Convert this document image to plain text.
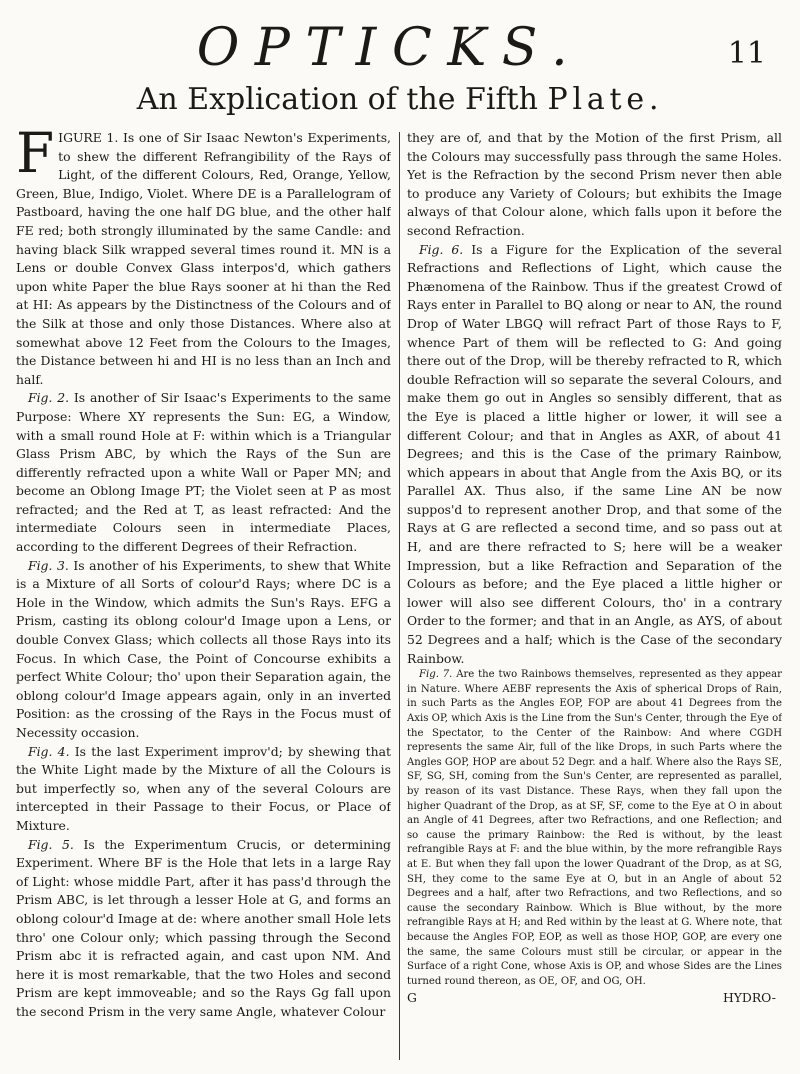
OPTICKS.	11
An Explication of the Fifth Plate.

FIGURE 1. Is one of Sir Isaac Newton's Experiments, to shew the different Refrangibility of the Rays of Light, of the different Colours, Red, Orange, Yellow, Green, Blue, Indigo, Violet. Where DE is a Parallelogram of Pastboard, having the one half DG blue, and the other half FE red; both strongly illuminated by the same Candle: and having black Silk wrapped several times round it. MN is a Lens or double Convex Glass interpos'd, which gathers upon white Paper the blue Rays sooner at hi than the Red at HI: As appears by the Distinctness of the Colours and of the Silk at those and only those Distances. Where also at somewhat above 12 Feet from the Colours to the Images, the Distance between hi and HI is no less than an Inch and half.

Fig. 2. Is another of Sir Isaac's Experiments to the same Purpose: Where XY represents the Sun: EG, a Window, with a small round Hole at F: within which is a Triangular Glass Prism ABC, by which the Rays of the Sun are differently refracted upon a white Wall or Paper MN; and become an Oblong Image PT; the Violet seen at P as most refracted; and the Red at T, as least refracted: And the intermediate Colours seen in intermediate Places, according to the different Degrees of their Refraction.

Fig. 3. Is another of his Experiments, to shew that White is a Mixture of all Sorts of colour'd Rays; where DC is a Hole in the Window, which admits the Sun's Rays. EFG a Prism, casting its oblong colour'd Image upon a Lens, or double Convex Glass; which collects all those Rays into its Focus. In which Case, the Point of Concourse exhibits a perfect White Colour; tho' upon their Separation again, the oblong colour'd Image appears again, only in an inverted Position: as the crossing of the Rays in the Focus must of Necessity occasion.

Fig. 4. Is the last Experiment improv'd; by shewing that the White Light made by the Mixture of all the Colours is but imperfectly so, when any of the several Colours are intercepted in their Passage to their Focus, or Place of Mixture.

Fig. 5. Is the Experimentum Crucis, or determining Experiment. Where BF is the Hole that lets in a large Ray of Light: whose middle Part, after it has pass'd through the Prism ABC, is let through a lesser Hole at G, and forms an oblong colour'd Image at de: where another small Hole lets thro' one Colour only; which passing through the Second Prism abc it is refracted again, and cast upon NM. And here it is most remarkable, that the two Holes and second Prism are kept immoveable; and so the Rays Gg fall upon the second Prism in the very same Angle, whatever Colour

they are of, and that by the Motion of the first Prism, all the Colours may successfully pass through the same Holes. Yet is the Refraction by the second Prism never then able to produce any Variety of Colours; but exhibits the Image always of that Colour alone, which falls upon it before the second Refraction.

Fig. 6. Is a Figure for the Explication of the several Refractions and Reflections of Light, which cause the Phænomena of the Rainbow. Thus if the greatest Crowd of Rays enter in Parallel to BQ along or near to AN, the round Drop of Water LBGQ will refract Part of those Rays to F, whence Part of them will be reflected to G: And going there out of the Drop, will be thereby refracted to R, which double Refraction will so separate the several Colours, and make them go out in Angles so sensibly different, that as the Eye is placed a little higher or lower, it will see a different Colour; and that in Angles as AXR, of about 41 Degrees; and this is the Case of the primary Rainbow, which appears in about that Angle from the Axis BQ, or its Parallel AX. Thus also, if the same Line AN be now suppos'd to represent another Drop, and that some of the Rays at G are reflected a second time, and so pass out at H, and are there refracted to S; here will be a weaker Impression, but a like Refraction and Separation of the Colours as before; and the Eye placed a little higher or lower will also see different Colours, tho' in a contrary Order to the former; and that in an Angle, as AYS, of about 52 Degrees and a half; which is the Case of the secondary Rainbow.

Fig. 7. Are the two Rainbows themselves, represented as they appear in Nature. Where AEBF represents the Axis of spherical Drops of Rain, in such Parts as the Angles EOP, FOP are about 41 Degrees from the Axis OP, which Axis is the Line from the Sun's Center, through the Eye of the Spectator, to the Center of the Rainbow: And where CGDH represents the same Air, full of the like Drops, in such Parts where the Angles GOP, HOP are about 52 Degr. and a half. Where also the Rays SE, SF, SG, SH, coming from the Sun's Center, are represented as parallel, by reason of its vast Distance. These Rays, when they fall upon the higher Quadrant of the Drop, as at SF, SF, come to the Eye at O in about an Angle of 41 Degrees, after two Refractions, and one Reflection; and so cause the primary Rainbow: the Red is without, by the least refrangible Rays at F: and the blue within, by the more refrangible Rays at E. But when they fall upon the lower Quadrant of the Drop, as at SG, SH, they come to the same Eye at O, but in an Angle of about 52 Degrees and a half, after two Refractions, and two Reflections, and so cause the secondary Rainbow. Which is Blue without, by the more refrangible Rays at H; and Red within by the least at G. Where note, that because the Angles FOP, EOP, as well as those HOP, GOP, are every one the same, the same Colours must still be circular, or appear in the Surface of a right Cone, whose Axis is OP, and whose Sides are the Lines turned round thereon, as OE, OF, and OG, OH.

G	HYDRO-
